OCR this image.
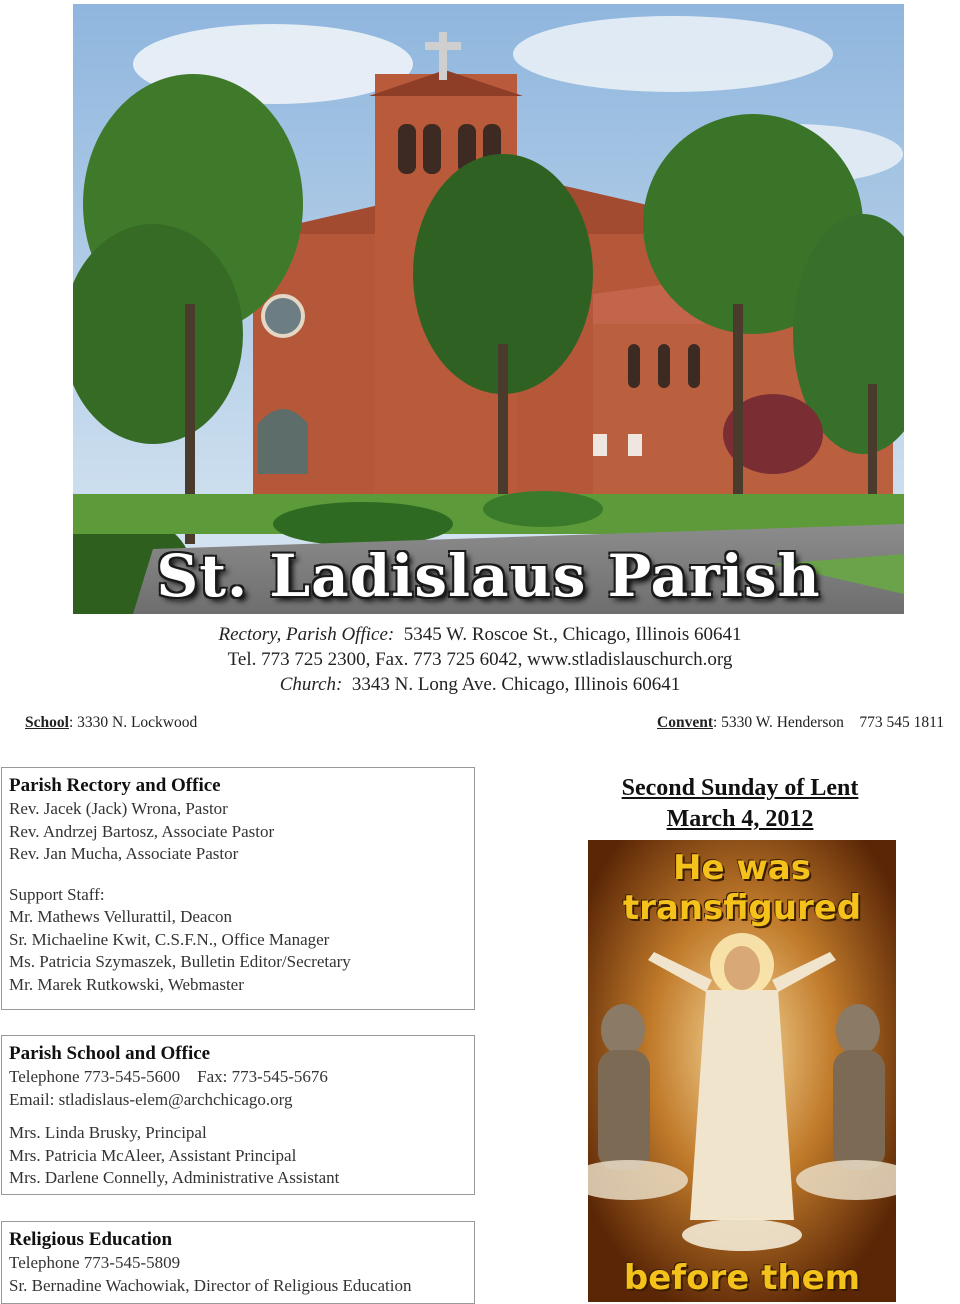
St. Ladislaus Parish
Rectory, Parish Office: 5345 W. Roscoe St., Chicago, Illinois 60641
Tel. 773 725 2300, Fax. 773 725 6042, www.stladislauschurch.org
Church: 3343 N. Long Ave. Chicago, Illinois 60641
School: 3330 N. Lockwood	Convent: 5330 W. Henderson    773 545 1811
Parish Rectory and Office
Rev. Jacek (Jack) Wrona, Pastor
Rev. Andrzej Bartosz, Associate Pastor
Rev. Jan Mucha, Associate Pastor
Support Staff:
Mr. Mathews Vellurattil, Deacon
Sr. Michaeline Kwit, C.S.F.N., Office Manager
Ms. Patricia Szymaszek, Bulletin Editor/Secretary
Mr. Marek Rutkowski, Webmaster
Parish School and Office
Telephone 773-545-5600    Fax: 773-545-5676
Email: stladislaus-elem@archchicago.org
Mrs. Linda Brusky, Principal
Mrs. Patricia McAleer, Assistant Principal
Mrs. Darlene Connelly, Administrative Assistant
Religious Education
Telephone 773-545-5809
Sr. Bernadine Wachowiak, Director of Religious Education
Second Sunday of Lent
March 4, 2012
He was
transfigured
before them
